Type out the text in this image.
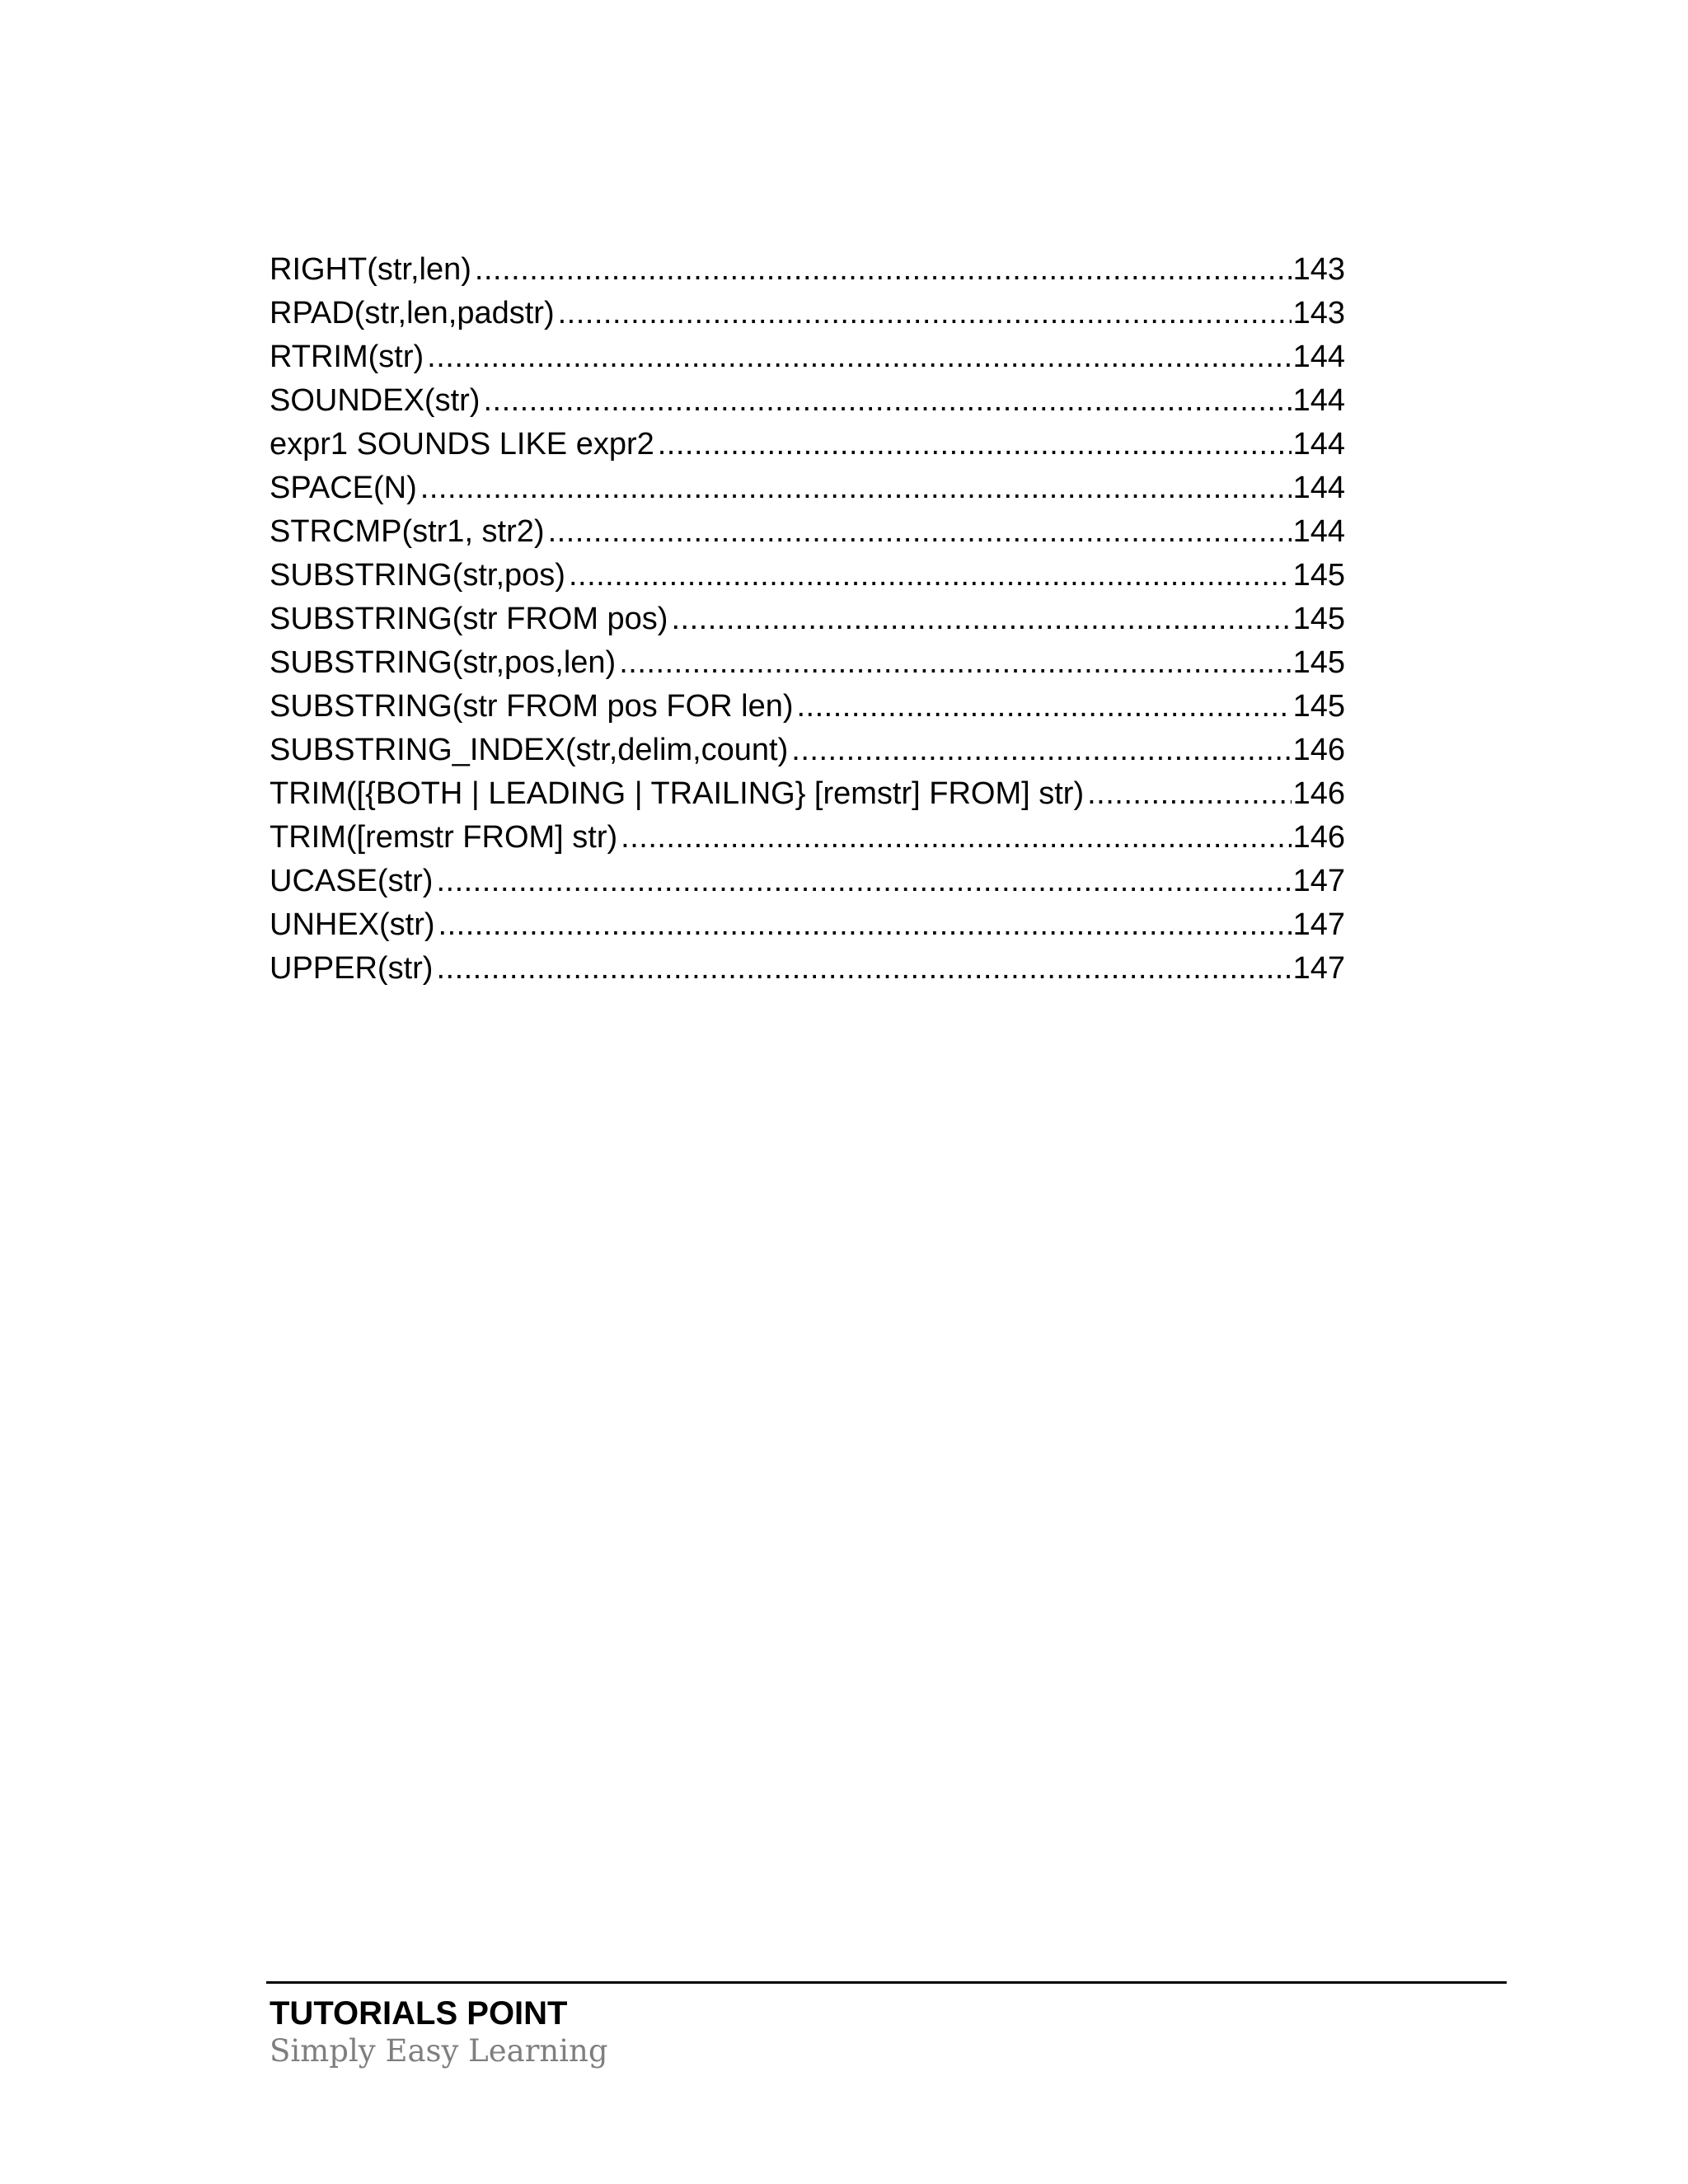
RIGHT(str,len) .....	143
RPAD(str,len,padstr) .....	143
RTRIM(str) .....	144
SOUNDEX(str) .....	144
expr1 SOUNDS LIKE expr2 .....	144
SPACE(N) .....	144
STRCMP(str1, str2) .....	144
SUBSTRING(str,pos) .....	145
SUBSTRING(str FROM pos) .....	145
SUBSTRING(str,pos,len) .....	145
SUBSTRING(str FROM pos FOR len) .....	145
SUBSTRING_INDEX(str,delim,count) .....	146
TRIM([{BOTH | LEADING | TRAILING} [remstr] FROM] str) .....	146
TRIM([remstr FROM] str) .....	146
UCASE(str) .....	147
UNHEX(str) .....	147
UPPER(str) .....	147
TUTORIALS POINT
Simply Easy Learning
